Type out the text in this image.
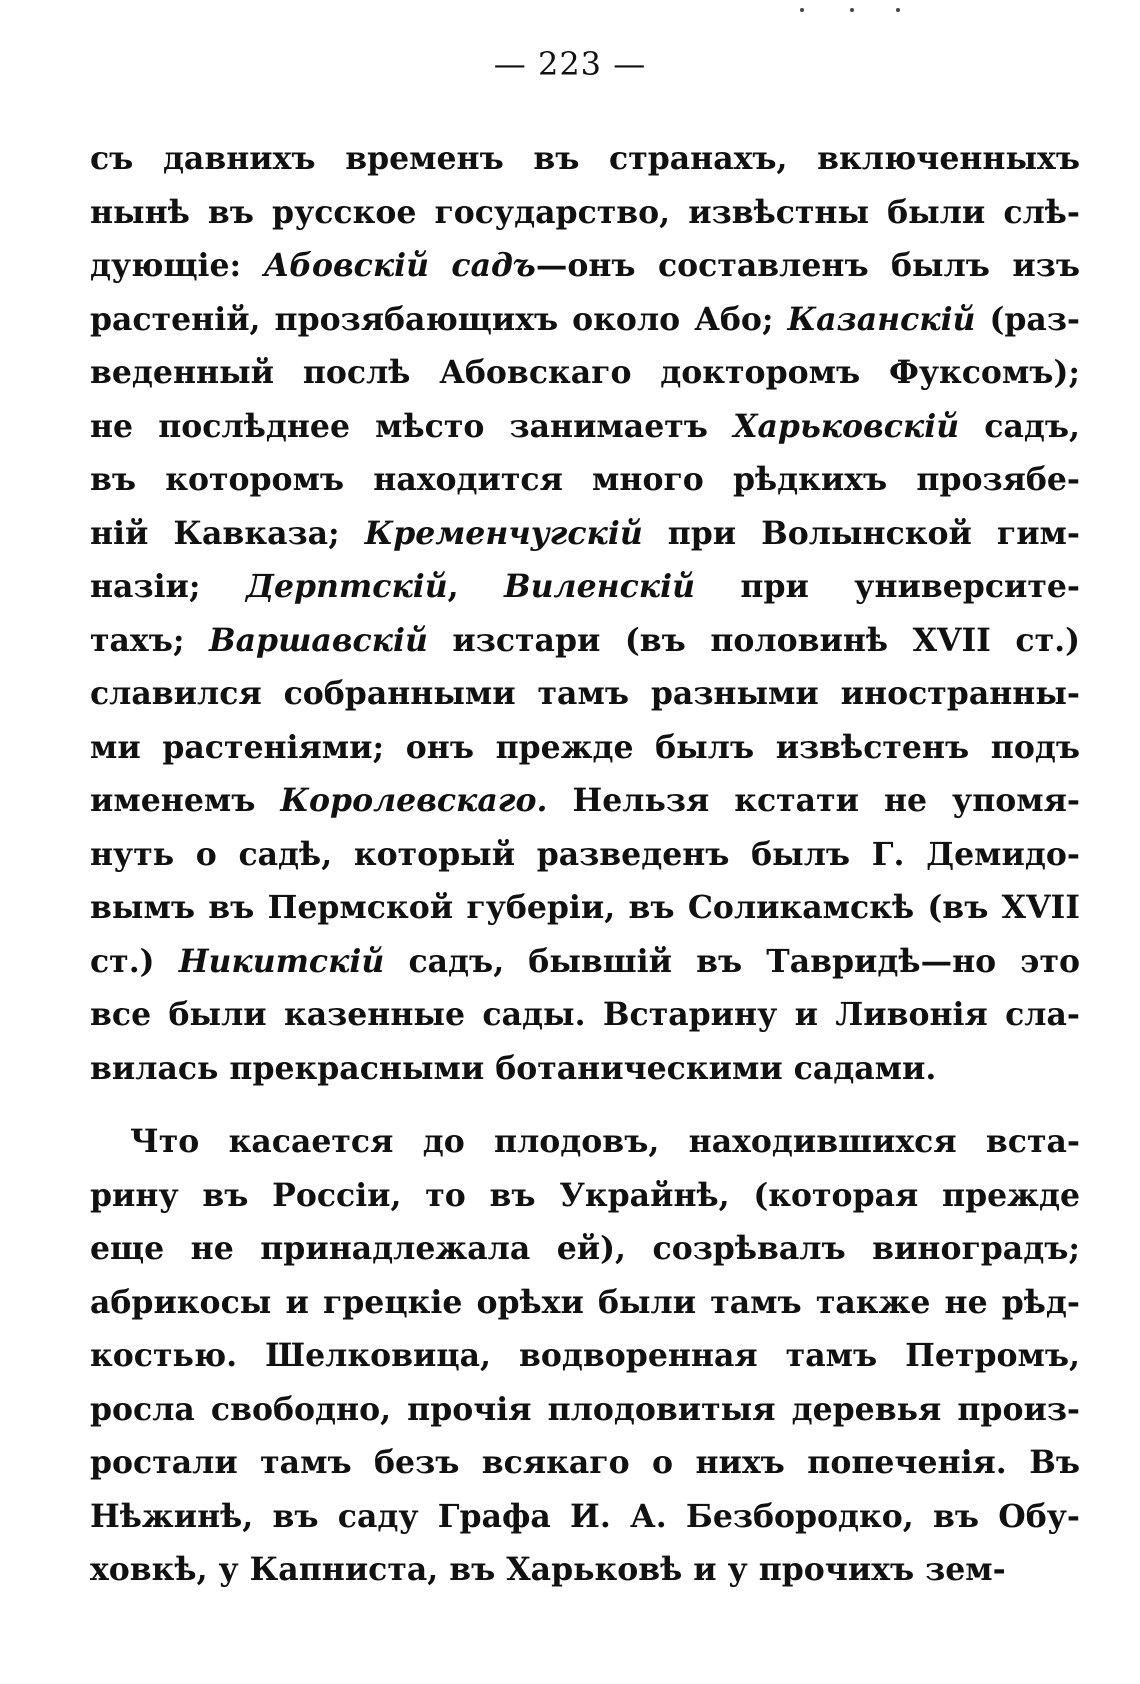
— 223 —
съ давнихъ временъ въ странахъ, включенныхъ
нынѣ въ русское государство, извѣстны были слѣ-
дующіе: Абовскій садъ—онъ составленъ былъ изъ
растеній, прозябающихъ около Або; Казанскій (раз-
веденный послѣ Абовскаго докторомъ Фуксомъ);
не послѣднее мѣсто занимаетъ Харьковскій садъ,
въ которомъ находится много рѣдкихъ прозябе-
ній Кавказа; Кременчугскій при Волынской гим-
назіи; Дерптскій, Виленскій при университе-
тахъ; Варшавскій изстари (въ половинѣ XVII ст.)
славился собранными тамъ разными иностранны-
ми растеніями; онъ прежде былъ извѣстенъ подъ
именемъ Королевскаго. Нельзя кстати не упомя-
нуть о садѣ, который разведенъ былъ Г. Демидо-
вымъ въ Пермской губеріи, въ Соликамскѣ (въ XVII
ст.) Никитскій садъ, бывшій въ Тавридѣ—но это
все были казенные сады. Встарину и Ливонія сла-
вилась прекрасными ботаническими садами.
Что касается до плодовъ, находившихся вста-
рину въ Россіи, то въ Украйнѣ, (которая прежде
еще не принадлежала ей), созрѣвалъ виноградъ;
абрикосы и грецкіе орѣхи были тамъ также не рѣд-
костью. Шелковица, водворенная тамъ Петромъ,
росла свободно, прочія плодовитыя деревья произ-
ростали тамъ безъ всякаго о нихъ попеченія. Въ
Нѣжинѣ, въ саду Графа И. А. Безбородко, въ Обу-
ховкѣ, у Капниста, въ Харьковѣ и у прочихъ зем-
